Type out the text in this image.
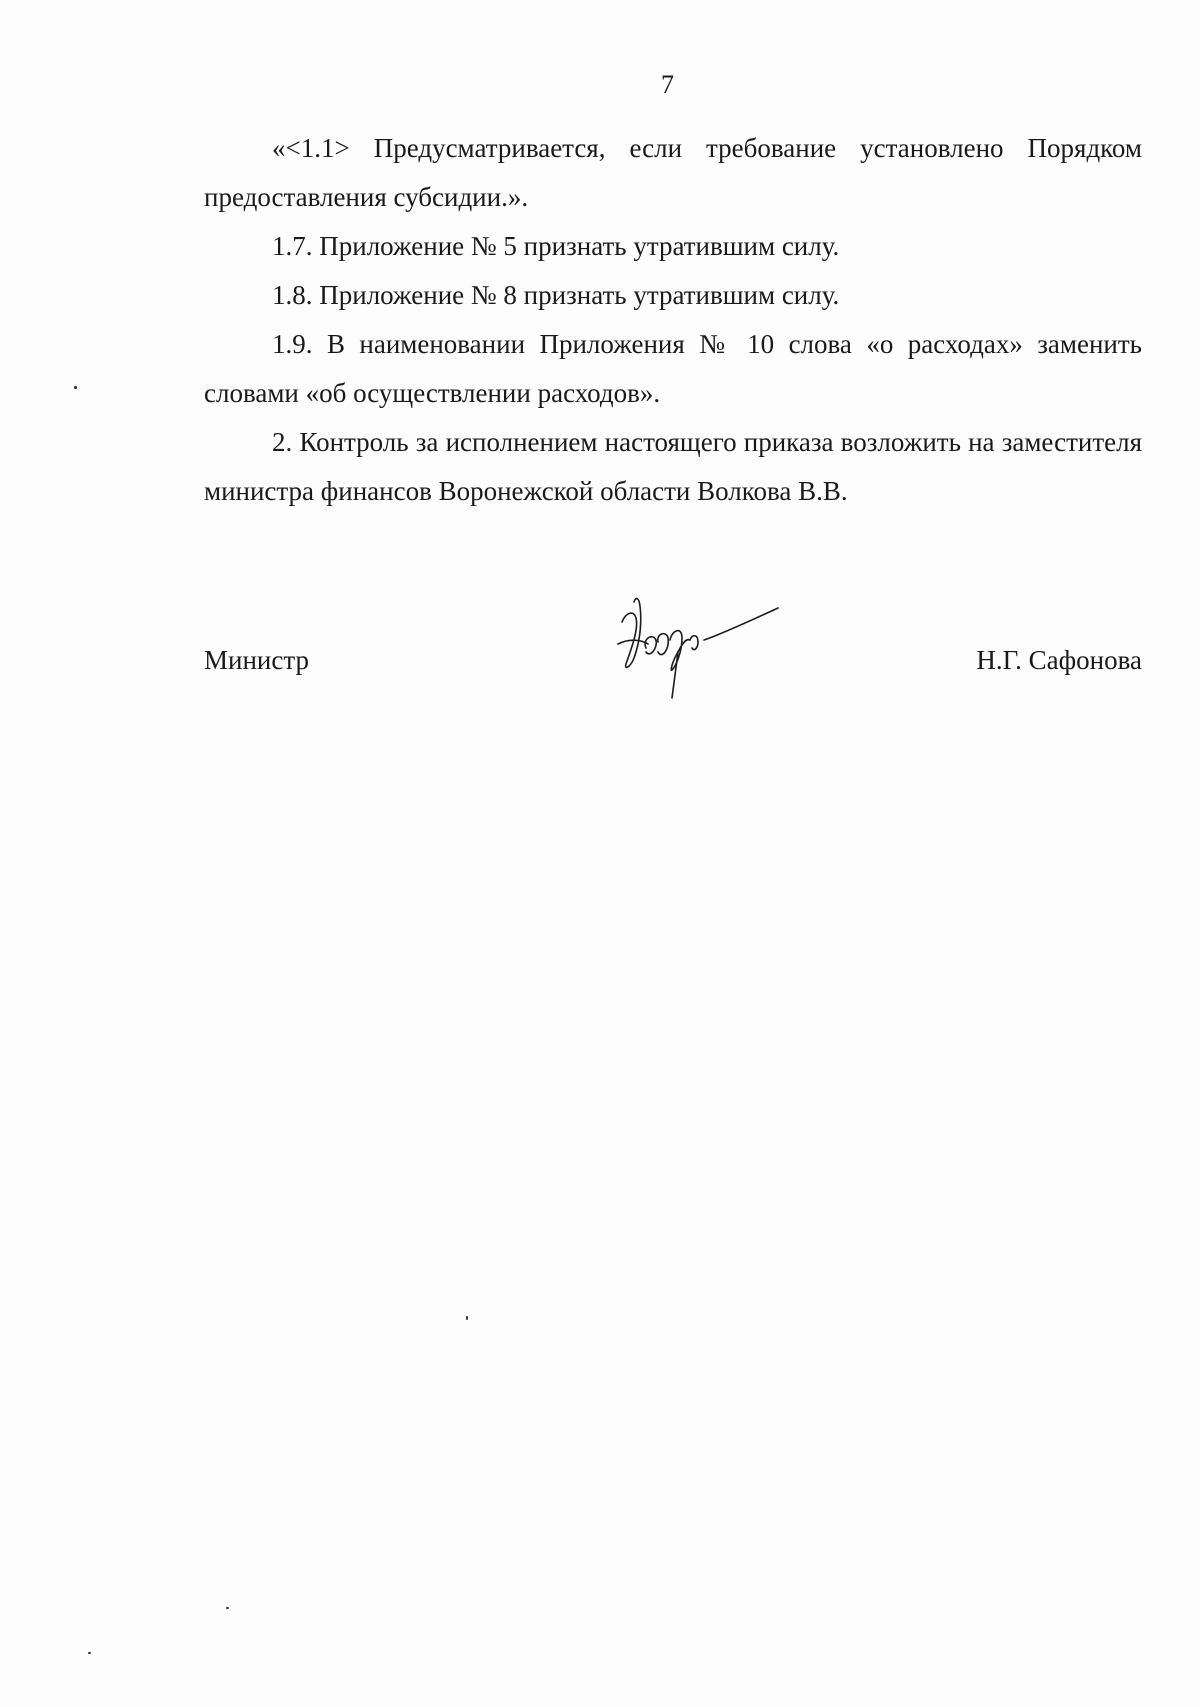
7

«<1.1> Предусматривается, если требование установлено Порядком предоставления субсидии.».

1.7. Приложение № 5 признать утратившим силу.

1.8. Приложение № 8 признать утратившим силу.

1.9. В наименовании Приложения № 10 слова «о расходах» заменить словами «об осуществлении расходов».

2. Контроль за исполнением настоящего приказа возложить на заместителя министра финансов Воронежской области Волкова В.В.

Министр	Н.Г. Сафонова
